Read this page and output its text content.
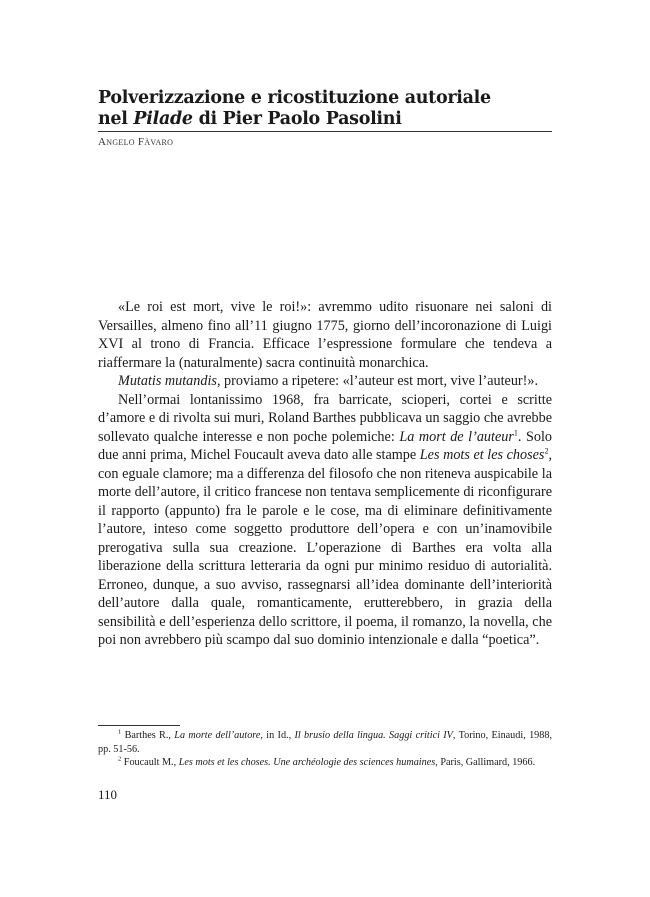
Polverizzazione e ricostituzione autoriale
nel Pilade di Pier Paolo Pasolini
Angelo Fàvaro

«Le roi est mort, vive le roi!»: avremmo udito risuonare nei saloni di Versailles, almeno fino all’11 giugno 1775, giorno dell’incoronazione di Luigi XVI al trono di Francia. Efficace l’espressione formulare che tendeva a riaffermare la (naturalmente) sacra continuità monarchica.

Mutatis mutandis, proviamo a ripetere: «l’auteur est mort, vive l’auteur!».

Nell’ormai lontanissimo 1968, fra barricate, scioperi, cortei e scritte d’amore e di rivolta sui muri, Roland Barthes pubblicava un saggio che avrebbe sollevato qualche interesse e non poche polemiche: La mort de l’auteur$^1$. Solo due anni prima, Michel Foucault aveva dato alle stampe Les mots et les choses$^2$, con eguale clamore; ma a differenza del filosofo che non riteneva auspicabile la morte dell’autore, il critico francese non tentava semplicemente di riconfigurare il rapporto (appunto) fra le parole e le cose, ma di eliminare definitivamente l’autore, inteso come soggetto produttore dell’opera e con un’inamovibile prerogativa sulla sua creazione. L’operazione di Barthes era volta alla liberazione della scrittura letteraria da ogni pur minimo residuo di autorialità. Erroneo, dunque, a suo avviso, rassegnarsi all’idea dominante dell’interiorità dell’autore dalla quale, romanticamente, erutterebbero, in grazia della sensibilità e dell’esperienza dello scrittore, il poema, il romanzo, la novella, che poi non avrebbero più scampo dal suo dominio intenzionale e dalla “poetica”.

$^1$ Barthes R., La morte dell’autore, in Id., Il brusio della lingua. Saggi critici IV, Torino, Einaudi, 1988, pp. 51-56.

$^2$ Foucault M., Les mots et les choses. Une archéologie des sciences humaines, Paris, Gallimard, 1966.

110
